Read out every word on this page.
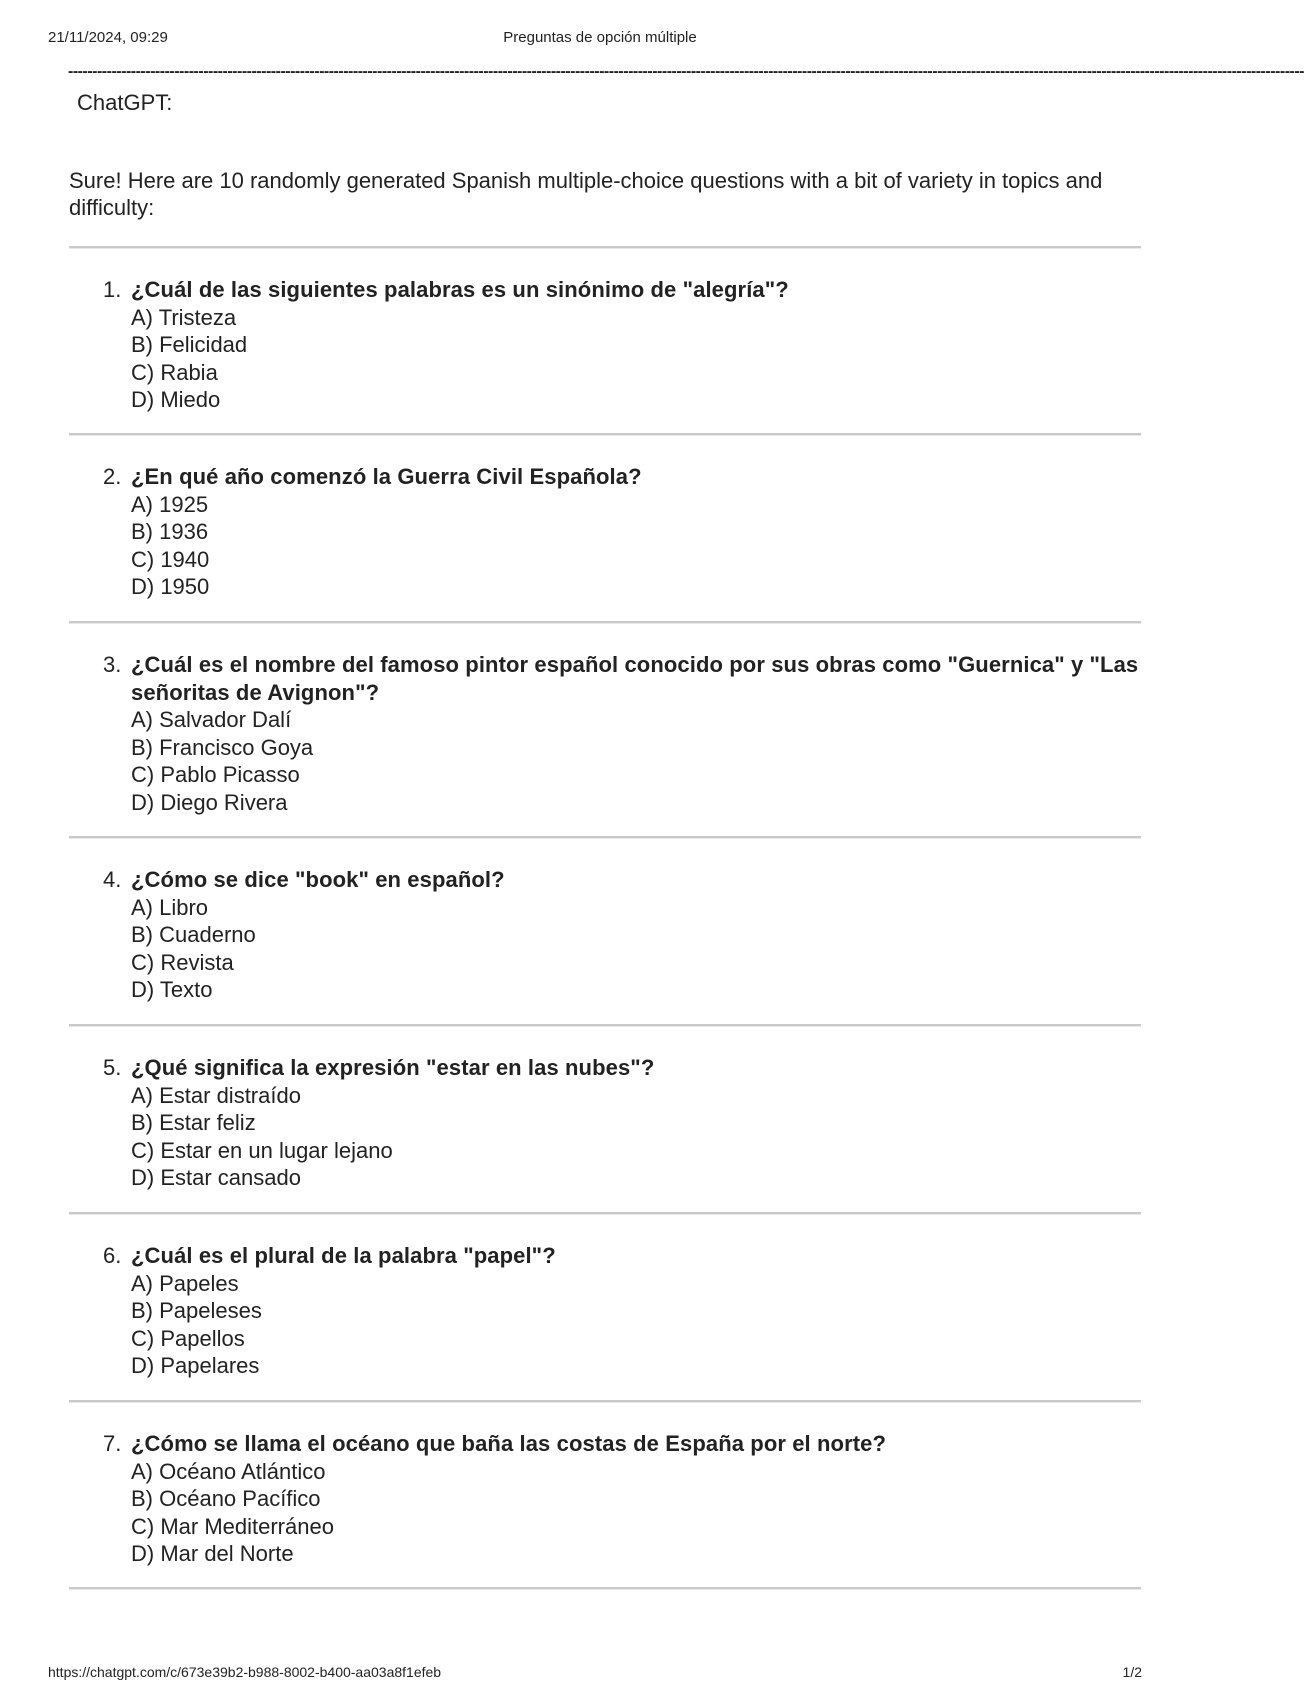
21/11/2024, 09:29	Preguntas de opción múltiple
----------------------------------------------------------------------------------------------------------------------------------------------------------------------------------------------------------------------------------------------------------------
ChatGPT:
Sure! Here are 10 randomly generated Spanish multiple-choice questions with a bit of variety in topics and difficulty:
1. ¿Cuál de las siguientes palabras es un sinónimo de "alegría"?
A) Tristeza
B) Felicidad
C) Rabia
D) Miedo
2. ¿En qué año comenzó la Guerra Civil Española?
A) 1925
B) 1936
C) 1940
D) 1950
3. ¿Cuál es el nombre del famoso pintor español conocido por sus obras como "Guernica" y "Las señoritas de Avignon"?
A) Salvador Dalí
B) Francisco Goya
C) Pablo Picasso
D) Diego Rivera
4. ¿Cómo se dice "book" en español?
A) Libro
B) Cuaderno
C) Revista
D) Texto
5. ¿Qué significa la expresión "estar en las nubes"?
A) Estar distraído
B) Estar feliz
C) Estar en un lugar lejano
D) Estar cansado
6. ¿Cuál es el plural de la palabra "papel"?
A) Papeles
B) Papeleses
C) Papellos
D) Papelares
7. ¿Cómo se llama el océano que baña las costas de España por el norte?
A) Océano Atlántico
B) Océano Pacífico
C) Mar Mediterráneo
D) Mar del Norte
https://chatgpt.com/c/673e39b2-b988-8002-b400-aa03a8f1efeb	1/2
